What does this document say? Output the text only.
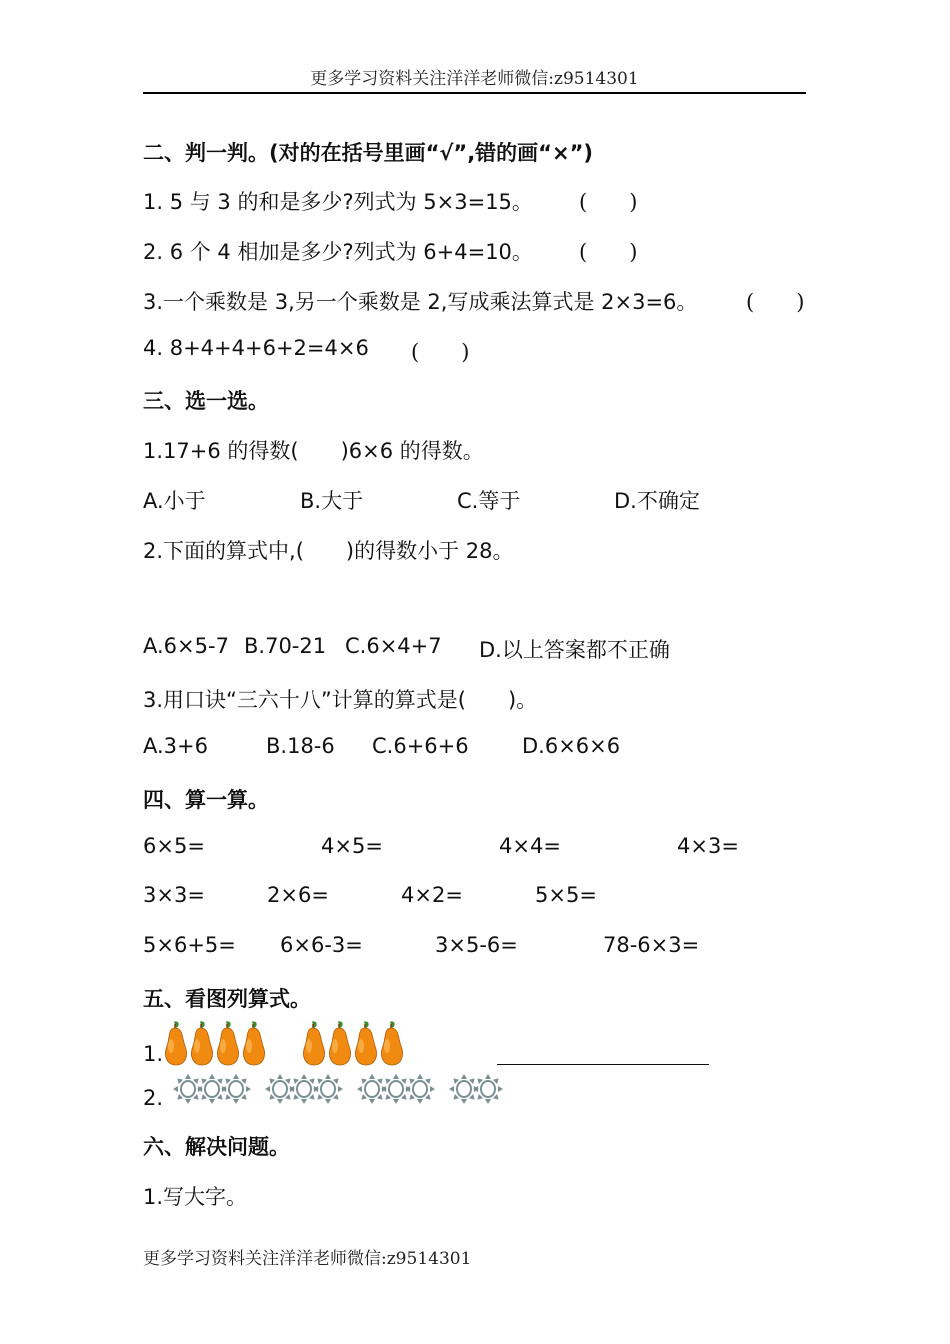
更多学习资料关注洋洋老师微信:z9514301
二、判一判。(对的在括号里画“√”,错的画“×”)
1. 5 与 3 的和是多少?列式为 5×3=15。 (　　)
2. 6 个 4 相加是多少?列式为 6+4=10。 (　　)
3.一个乘数是 3,另一个乘数是 2,写成乘法算式是 2×3=6。 (　　)
4. 8+4+4+6+2=4×6 (　　)
三、选一选。
1.17+6 的得数(　　)6×6 的得数。
A.小于	B.大于	C.等于	D.不确定
2.下面的算式中,(　　)的得数小于 28。
A.6×5-7 B.70-21 C.6×4+7 D.以上答案都不正确
3.用口诀“三六十八”计算的算式是(　　)。
A.3+6	B.18-6 C.6+6+6	D.6×6×6
四、算一算。
6×5=	4×5=	4×4=	4×3=
3×3=	2×6=	4×2=	5×5=
5×6+5= 6×6-3=	3×5-6=	78-6×3=
五、看图列算式。
1.
2.
六、解决问题。
1.写大字。
更多学习资料关注洋洋老师微信:z9514301
